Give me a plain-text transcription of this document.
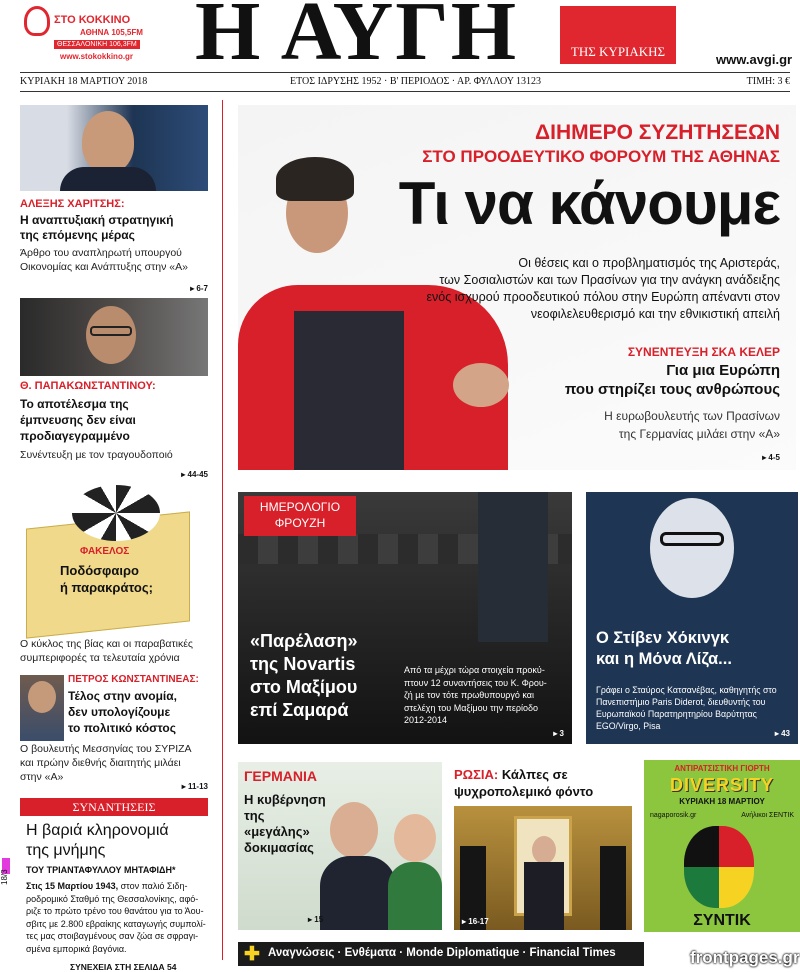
ΣΤΟ ΚΟΚΚΙΝΟ
ΑΘΗΝΑ 105,5FM
ΘΕΣΣΑΛΟΝΙΚΗ 106,3FM
www.stokokkino.gr Η ΑΥΓΗ	ΤΗΣ ΚΥΡΙΑΚΗΣ
www.avgi.gr
ΚΥΡΙΑΚΗ 18 ΜΑΡΤΙΟΥ 2018	ΕΤΟΣ ΙΔΡΥΣΗΣ 1952 · Β' ΠΕΡΙΟΔΟΣ · ΑΡ. ΦΥΛΛΟΥ 13123	ΤΙΜΗ: 3 €
ΑΛΕΞΗΣ ΧΑΡΙΤΣΗΣ:
Η αναπτυξιακή στρατηγική
της επόμενης μέρας
Άρθρο του αναπληρωτή υπουργού
Οικονομίας και Ανάπτυξης στην «Α»
▸ 6-7
Θ. ΠΑΠΑΚΩΝΣΤΑΝΤΙΝΟΥ:
Το αποτέλεσμα της
έμπνευσης δεν είναι
προδιαγεγραμμένο
Συνέντευξη με τον τραγουδοποιό
▸ 44-45
ΦΑΚΕΛΟΣ
Ποδόσφαιρο
ή παρακράτος;
Ο κύκλος της βίας και οι παραβατικές
συμπεριφορές τα τελευταία χρόνια
ΠΕΤΡΟΣ ΚΩΝΣΤΑΝΤΙΝΕΑΣ:
Τέλος στην ανομία,
δεν υπολογίζουμε
το πολιτικό κόστος
Ο βουλευτής Μεσσηνίας του ΣΥΡΙΖΑ
και πρώην διεθνής διαιτητής μιλάει
στην «Α»
▸ 11-13
ΣΥΝΑΝΤΗΣΕΙΣ
Η βαριά κληρονομιά
της μνήμης
ΤΟΥ ΤΡΙΑΝΤΑΦΥΛΛΟΥ ΜΗΤΑΦΙΔΗ*
Στις 15 Μαρτίου 1943, στον παλιό Σιδη-
ροδρομικό Σταθμό της Θεσσαλονίκης, αφό-
ριζε το πρώτο τρένο του θανάτου για το Άου-
σβιτς με 2.800 εβραίκης καταγωγής συμπολί-
τες μας στοιβαγμένους σαν ζώα σε σφραγι-
σμένα εμπορικά βαγόνια.
ΣΥΝΕΧΕΙΑ ΣΤΗ ΣΕΛΙΔΑ 54
18/3
ΔΙΗΜΕΡΟ ΣΥΖΗΤΗΣΕΩΝ
ΣΤΟ ΠΡΟΟΔΕΥΤΙΚΟ ΦΟΡΟΥΜ ΤΗΣ ΑΘΗΝΑΣ
Τι να κάνουμε
Οι θέσεις και ο προβληματισμός της Αριστεράς,
των Σοσιαλιστών και των Πρασίνων για την ανάγκη ανάδειξης
ενός ισχυρού προοδευτικού πόλου στην Ευρώπη απέναντι στον
νεοφιλελευθερισμό και την εθνικιστική απειλή
ΣΥΝΕΝΤΕΥΞΗ ΣΚΑ ΚΕΛΕΡ
Για μια Ευρώπη
που στηρίζει τους ανθρώπους
Η ευρωβουλευτής των Πρασίνων
της Γερμανίας μιλάει στην «Α»
▸ 4-5
ΗΜΕΡΟΛΟΓΙΟ
ΦΡΟΥΖΗ
«Παρέλαση»
της Novartis
στο Μαξίμου
επί Σαμαρά
Από τα μέχρι τώρα στοιχεία προκύ-
πτουν 12 συναντήσεις του Κ. Φρου-
ζή με τον τότε πρωθυπουργό και
στελέχη του Μαξίμου την περίοδο
2012-2014
▸ 3
Ο Στίβεν Χόκινγκ
και η Μόνα Λίζα...
Γράφει ο Σταύρος Κατσανέβας, καθηγητής στο
Πανεπιστήμιο Paris Diderot, διευθυντής του
Ευρωπαϊκού Παρατηρητηρίου Βαρύτητας
EGO/Virgo, Pisa
▸ 43
ΓΕΡΜΑΝΙΑ
Η κυβέρνηση
της
«μεγάλης»
δοκιμασίας
▸ 15
ΡΩΣΙΑ: Κάλπες σε
ψυχροπολεμικό φόντο
▸ 16-17
ΑΝΤΙΡΑΤΣΙΣΤΙΚΗ ΓΙΟΡΤΗ
DIVERSITY
ΚΥΡΙΑΚΗ 18 ΜΑΡΤΙΟΥ
nagaporosik.gr	Ανήλικοι ΣΕΝΤΙΚ
ΣΥΝΤΙΚ
✚ Αναγνώσεις · Ενθέματα · Monde Diplomatique · Financial Times	frontpages.gr
